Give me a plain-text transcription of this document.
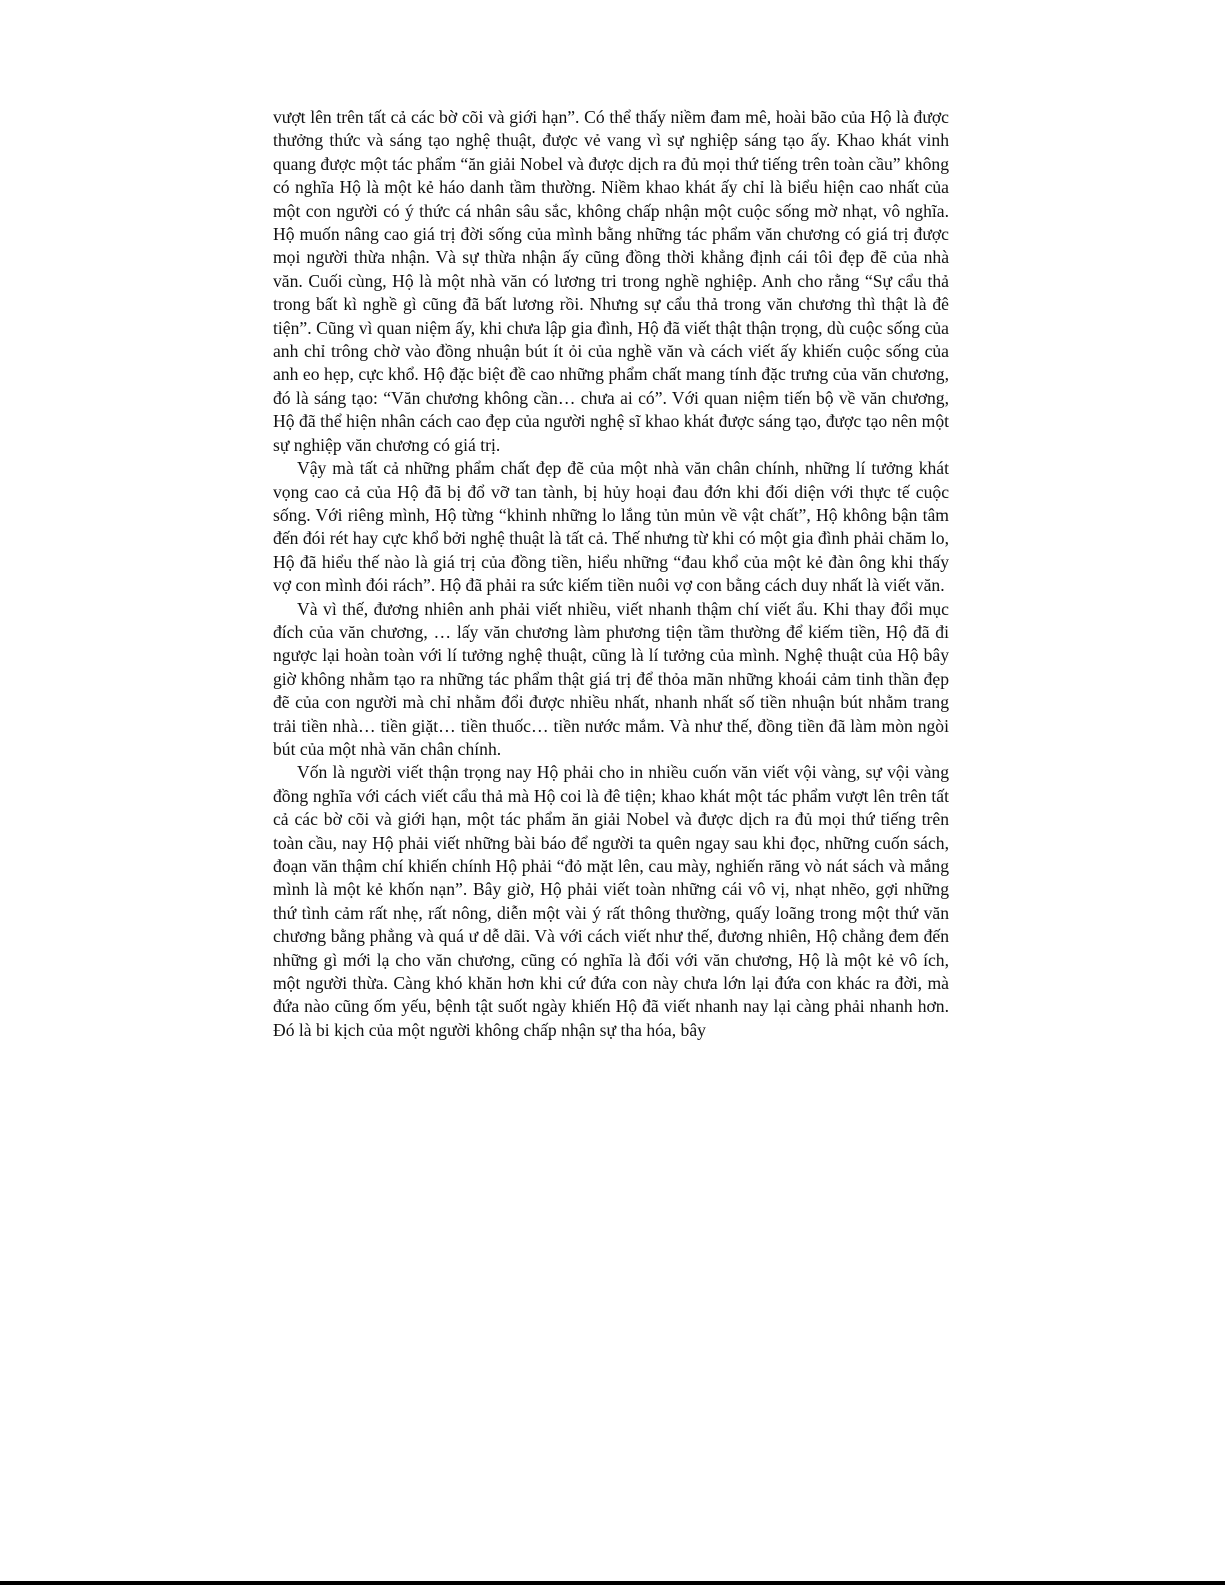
vượt lên trên tất cả các bờ cõi và giới hạn”. Có thể thấy niềm đam mê, hoài bão của Hộ là được thưởng thức và sáng tạo nghệ thuật, được vẻ vang vì sự nghiệp sáng tạo ấy. Khao khát vinh quang được một tác phẩm “ăn giải Nobel và được dịch ra đủ mọi thứ tiếng trên toàn cầu” không có nghĩa Hộ là một kẻ háo danh tầm thường. Niềm khao khát ấy chỉ là biểu hiện cao nhất của một con người có ý thức cá nhân sâu sắc, không chấp nhận một cuộc sống mờ nhạt, vô nghĩa. Hộ muốn nâng cao giá trị đời sống của mình bằng những tác phẩm văn chương có giá trị được mọi người thừa nhận. Và sự thừa nhận ấy cũng đồng thời khẳng định cái tôi đẹp đẽ của nhà văn. Cuối cùng, Hộ là một nhà văn có lương tri trong nghề nghiệp. Anh cho rằng “Sự cẩu thả trong bất kì nghề gì cũng đã bất lương rồi. Nhưng sự cẩu thả trong văn chương thì thật là đê tiện”. Cũng vì quan niệm ấy, khi chưa lập gia đình, Hộ đã viết thật thận trọng, dù cuộc sống của anh chỉ trông chờ vào đồng nhuận bút ít ỏi của nghề văn và cách viết ấy khiến cuộc sống của anh eo hẹp, cực khổ. Hộ đặc biệt đề cao những phẩm chất mang tính đặc trưng của văn chương, đó là sáng tạo: “Văn chương không cần… chưa ai có”. Với quan niệm tiến bộ về văn chương, Hộ đã thể hiện nhân cách cao đẹp của người nghệ sĩ khao khát được sáng tạo, được tạo nên một sự nghiệp văn chương có giá trị.

Vậy mà tất cả những phẩm chất đẹp đẽ của một nhà văn chân chính, những lí tưởng khát vọng cao cả của Hộ đã bị đổ vỡ tan tành, bị hủy hoại đau đớn khi đối diện với thực tế cuộc sống. Với riêng mình, Hộ từng “khinh những lo lắng tủn mủn về vật chất”, Hộ không bận tâm đến đói rét hay cực khổ bởi nghệ thuật là tất cả. Thế nhưng từ khi có một gia đình phải chăm lo, Hộ đã hiểu thế nào là giá trị của đồng tiền, hiểu những “đau khổ của một kẻ đàn ông khi thấy vợ con mình đói rách”. Hộ đã phải ra sức kiếm tiền nuôi vợ con bằng cách duy nhất là viết văn.

Và vì thế, đương nhiên anh phải viết nhiều, viết nhanh thậm chí viết ẩu. Khi thay đổi mục đích của văn chương, … lấy văn chương làm phương tiện tầm thường để kiếm tiền, Hộ đã đi ngược lại hoàn toàn với lí tưởng nghệ thuật, cũng là lí tưởng của mình. Nghệ thuật của Hộ bây giờ không nhằm tạo ra những tác phẩm thật giá trị để thỏa mãn những khoái cảm tinh thần đẹp đẽ của con người mà chỉ nhằm đổi được nhiều nhất, nhanh nhất số tiền nhuận bút nhằm trang trải tiền nhà… tiền giặt… tiền thuốc… tiền nước mắm. Và như thế, đồng tiền đã làm mòn ngòi bút của một nhà văn chân chính.

Vốn là người viết thận trọng nay Hộ phải cho in nhiều cuốn văn viết vội vàng, sự vội vàng đồng nghĩa với cách viết cẩu thả mà Hộ coi là đê tiện; khao khát một tác phẩm vượt lên trên tất cả các bờ cõi và giới hạn, một tác phẩm ăn giải Nobel và được dịch ra đủ mọi thứ tiếng trên toàn cầu, nay Hộ phải viết những bài báo để người ta quên ngay sau khi đọc, những cuốn sách, đoạn văn thậm chí khiến chính Hộ phải “đỏ mặt lên, cau mày, nghiến răng vò nát sách và mắng mình là một kẻ khốn nạn”. Bây giờ, Hộ phải viết toàn những cái vô vị, nhạt nhẽo, gợi những thứ tình cảm rất nhẹ, rất nông, diễn một vài ý rất thông thường, quấy loãng trong một thứ văn chương bằng phẳng và quá ư dễ dãi. Và với cách viết như thế, đương nhiên, Hộ chẳng đem đến những gì mới lạ cho văn chương, cũng có nghĩa là đối với văn chương, Hộ là một kẻ vô ích, một người thừa. Càng khó khăn hơn khi cứ đứa con này chưa lớn lại đứa con khác ra đời, mà đứa nào cũng ốm yếu, bệnh tật suốt ngày khiến Hộ đã viết nhanh nay lại càng phải nhanh hơn. Đó là bi kịch của một người không chấp nhận sự tha hóa, bây
